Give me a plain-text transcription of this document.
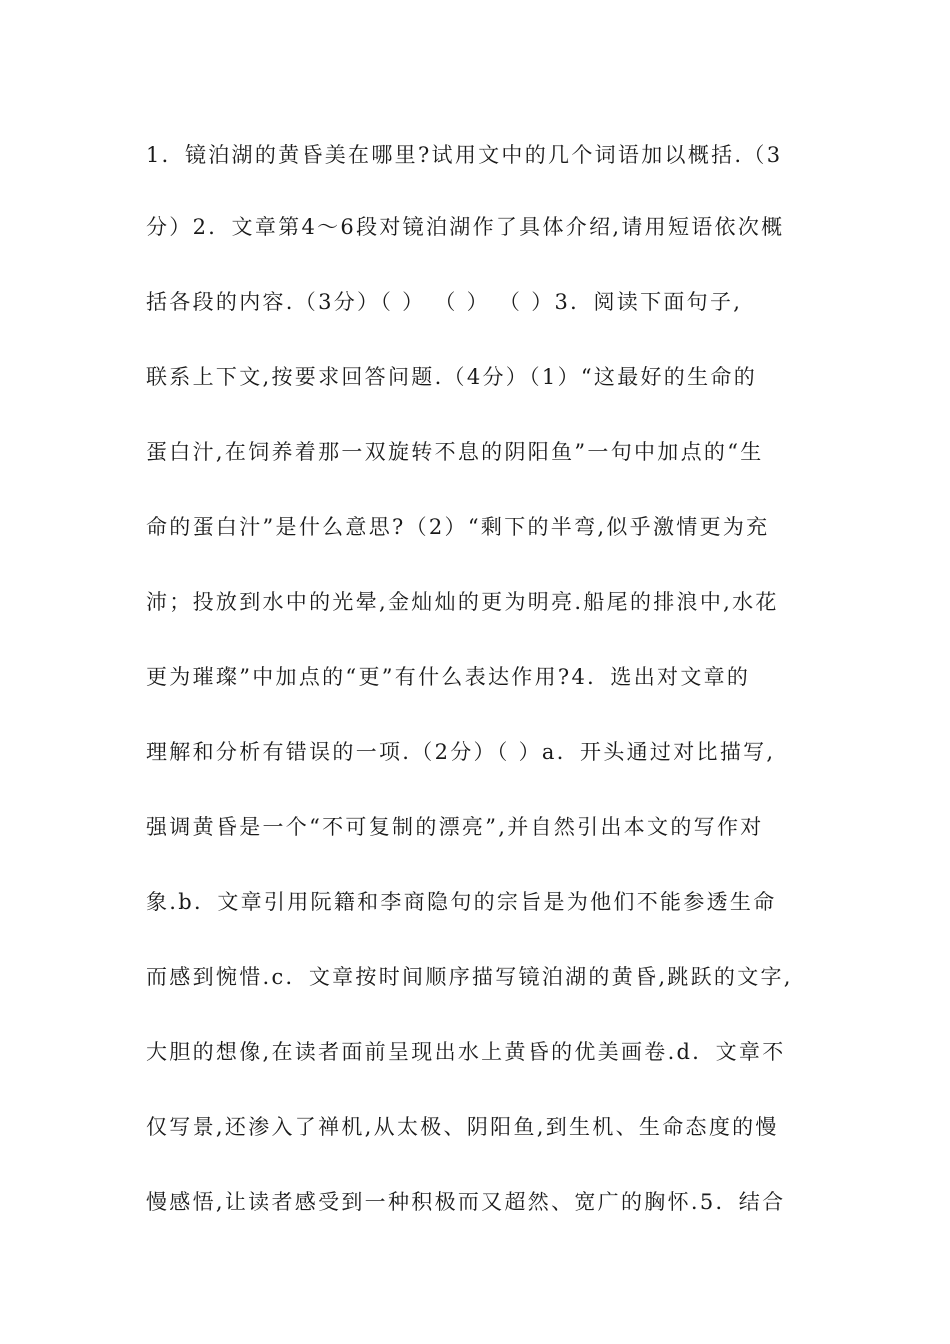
1．镜泊湖的黄昏美在哪里?试用文中的几个词语加以概括.（3
分）2．文章第4～6段对镜泊湖作了具体介绍,请用短语依次概
括各段的内容.（3分）（ ） （ ） （ ）3．阅读下面句子,
联系上下文,按要求回答问题.（4分）（1）“这最好的生命的
蛋白汁,在饲养着那一双旋转不息的阴阳鱼”一句中加点的“生
命的蛋白汁”是什么意思?（2）“剩下的半弯,似乎激情更为充
沛；投放到水中的光晕,金灿灿的更为明亮.船尾的排浪中,水花
更为璀璨”中加点的“更”有什么表达作用?4．选出对文章的
理解和分析有错误的一项.（2分）（ ）a．开头通过对比描写,
强调黄昏是一个“不可复制的漂亮”,并自然引出本文的写作对
象.b．文章引用阮籍和李商隐句的宗旨是为他们不能参透生命
而感到惋惜.c．文章按时间顺序描写镜泊湖的黄昏,跳跃的文字,
大胆的想像,在读者面前呈现出水上黄昏的优美画卷.d．文章不
仅写景,还渗入了禅机,从太极、阴阳鱼,到生机、生命态度的慢
慢感悟,让读者感受到一种积极而又超然、宽广的胸怀.5．结合
